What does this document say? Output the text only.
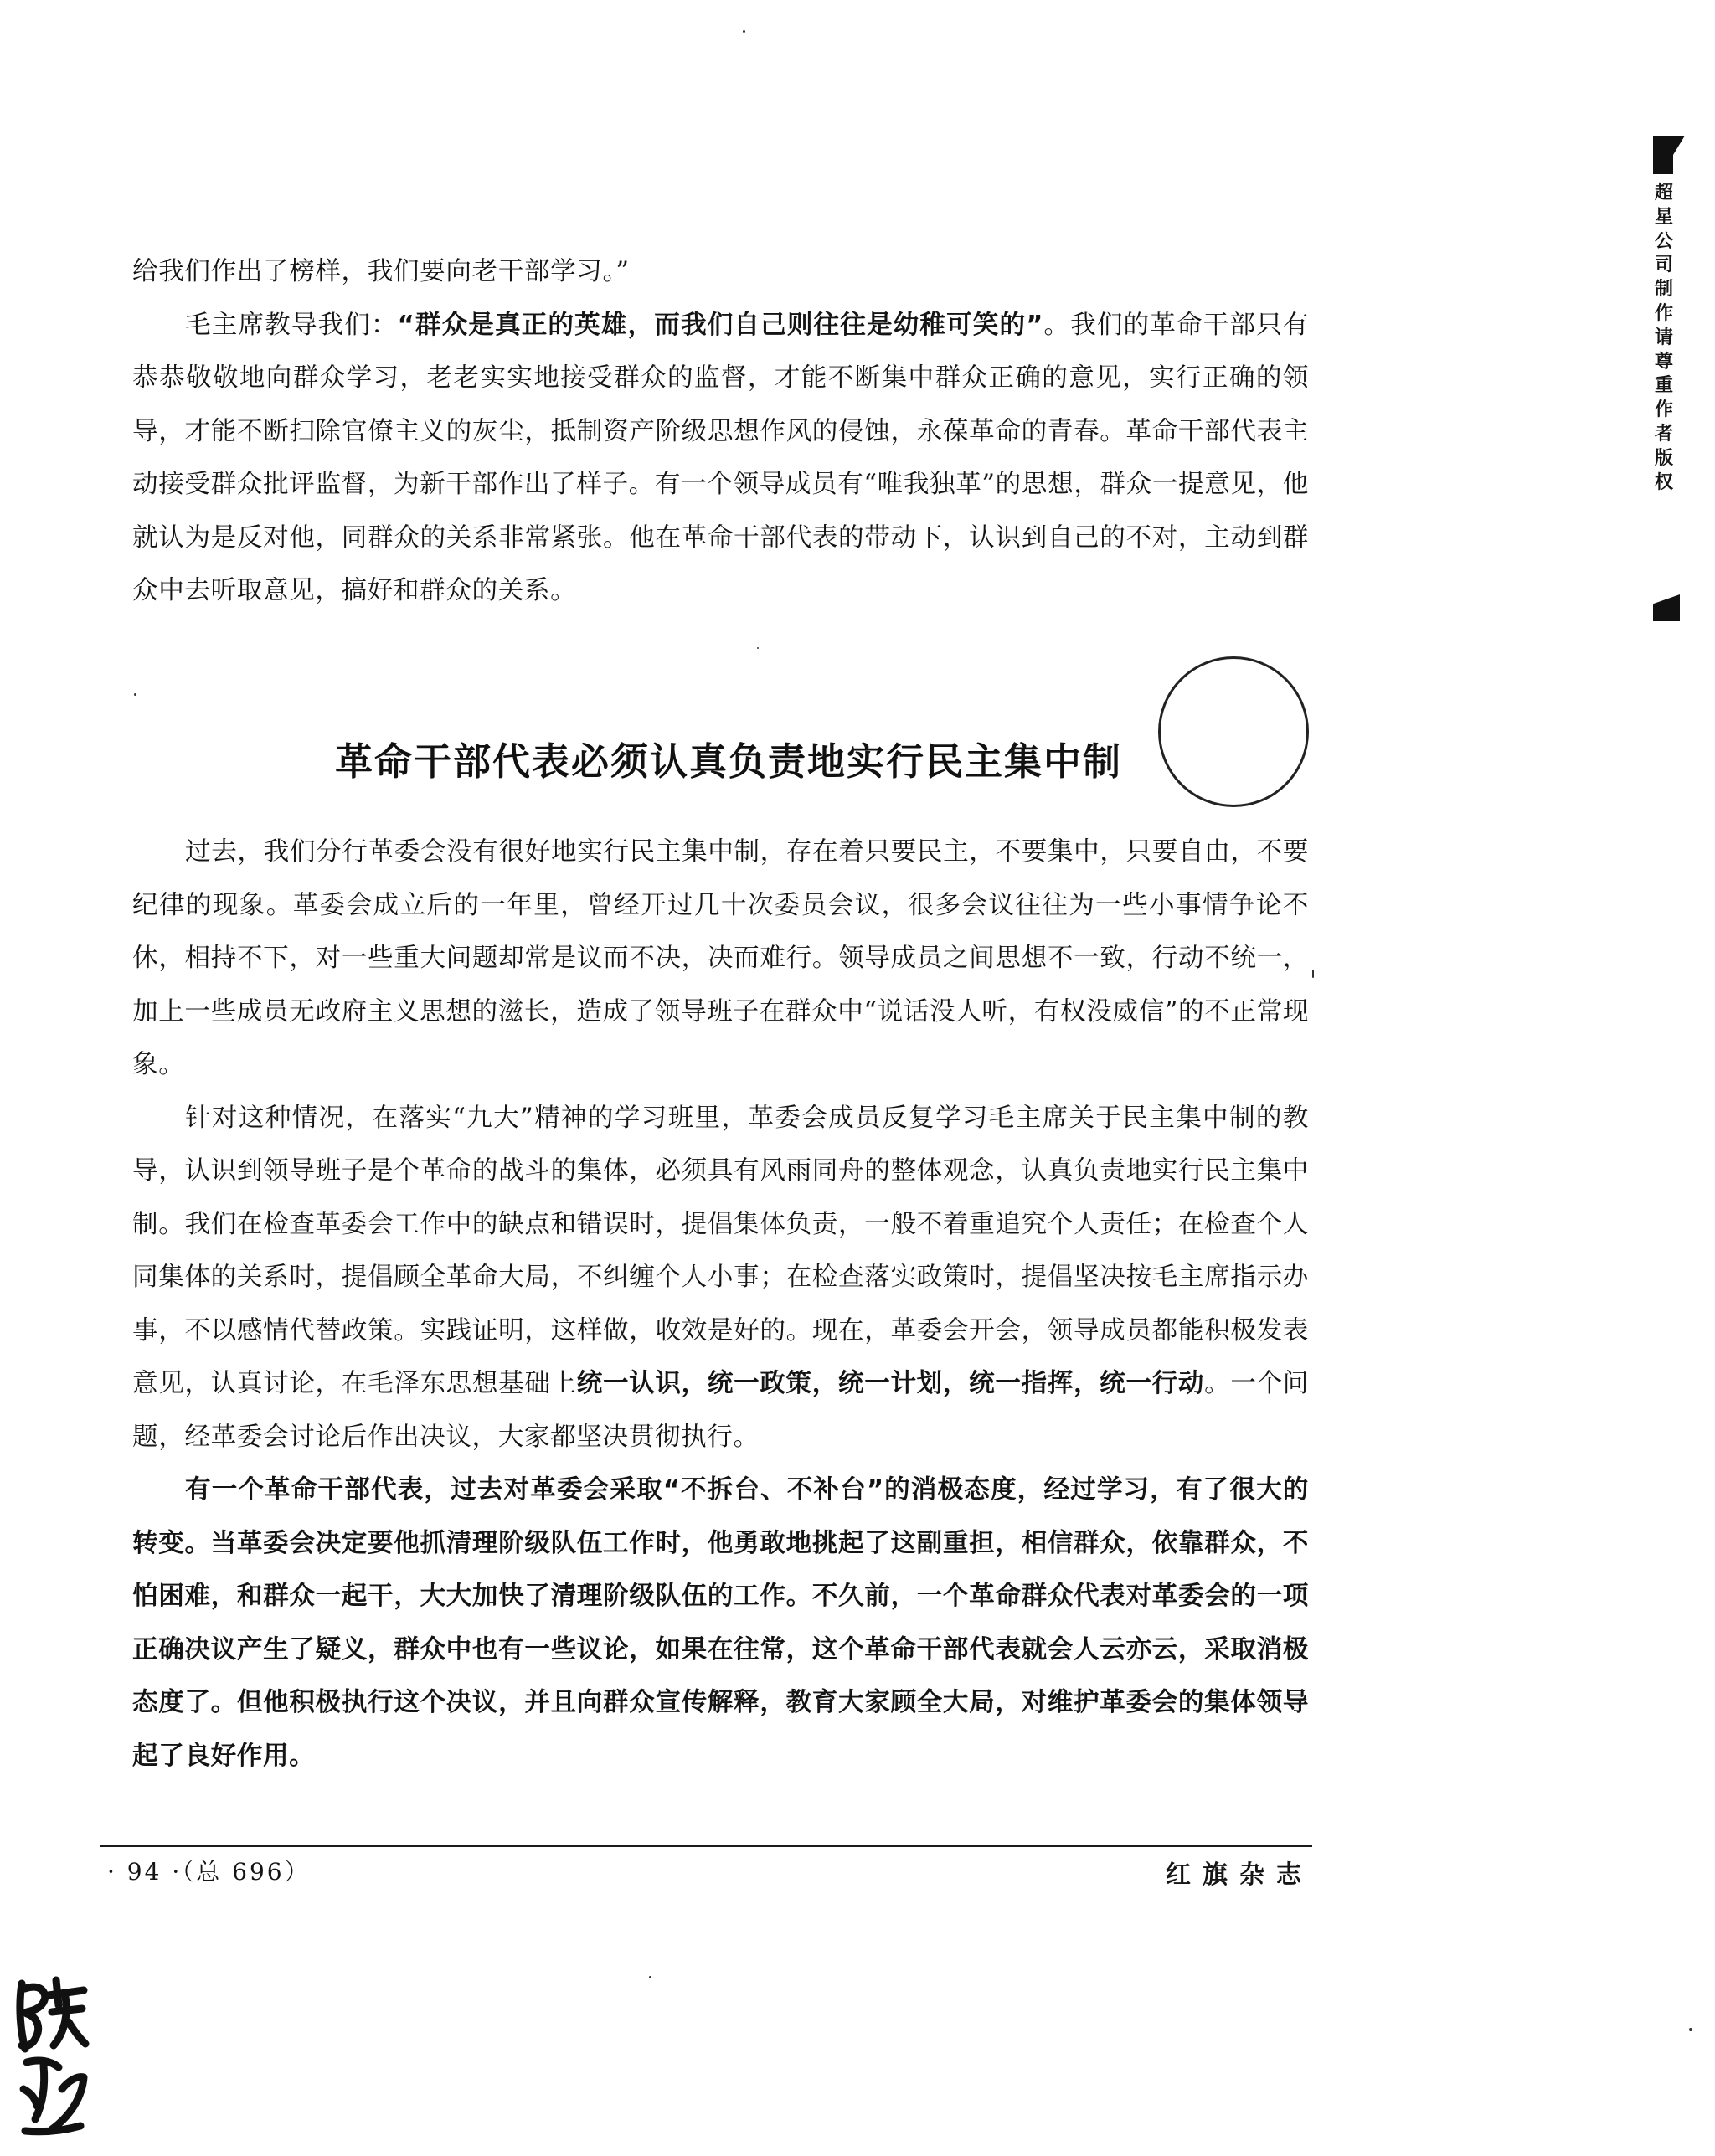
给我们作出了榜样，我们要向老干部学习。”

毛主席教导我们：“群众是真正的英雄，而我们自己则往往是幼稚可笑的”。我们的革命干部只有恭恭敬敬地向群众学习，老老实实地接受群众的监督，才能不断集中群众正确的意见，实行正确的领导，才能不断扫除官僚主义的灰尘，抵制资产阶级思想作风的侵蚀，永葆革命的青春。革命干部代表主动接受群众批评监督，为新干部作出了样子。有一个领导成员有“唯我独革”的思想，群众一提意见，他就认为是反对他，同群众的关系非常紧张。他在革命干部代表的带动下，认识到自己的不对，主动到群众中去听取意见，搞好和群众的关系。

革命干部代表必须认真负责地实行民主集中制

过去，我们分行革委会没有很好地实行民主集中制，存在着只要民主，不要集中，只要自由，不要纪律的现象。革委会成立后的一年里，曾经开过几十次委员会议，很多会议往往为一些小事情争论不休，相持不下，对一些重大问题却常是议而不决，决而难行。领导成员之间思想不一致，行动不统一，加上一些成员无政府主义思想的滋长，造成了领导班子在群众中“说话没人听，有权没威信”的不正常现象。

针对这种情况，在落实“九大”精神的学习班里，革委会成员反复学习毛主席关于民主集中制的教导，认识到领导班子是个革命的战斗的集体，必须具有风雨同舟的整体观念，认真负责地实行民主集中制。我们在检查革委会工作中的缺点和错误时，提倡集体负责，一般不着重追究个人责任；在检查个人同集体的关系时，提倡顾全革命大局，不纠缠个人小事；在检查落实政策时，提倡坚决按毛主席指示办事，不以感情代替政策。实践证明，这样做，收效是好的。现在，革委会开会，领导成员都能积极发表意见，认真讨论，在毛泽东思想基础上统一认识，统一政策，统一计划，统一指挥，统一行动。一个问题，经革委会讨论后作出决议，大家都坚决贯彻执行。

有一个革命干部代表，过去对革委会采取“不拆台、不补台”的消极态度，经过学习，有了很大的转变。当革委会决定要他抓清理阶级队伍工作时，他勇敢地挑起了这副重担，相信群众，依靠群众，不怕困难，和群众一起干，大大加快了清理阶级队伍的工作。不久前，一个革命群众代表对革委会的一项正确决议产生了疑义，群众中也有一些议论，如果在往常，这个革命干部代表就会人云亦云，采取消极态度了。但他积极执行这个决议，并且向群众宣传解释，教育大家顾全大局，对维护革委会的集体领导起了良好作用。

· 94 ·（总 696）	红旗杂志
超星公司制作请尊重作者版权
